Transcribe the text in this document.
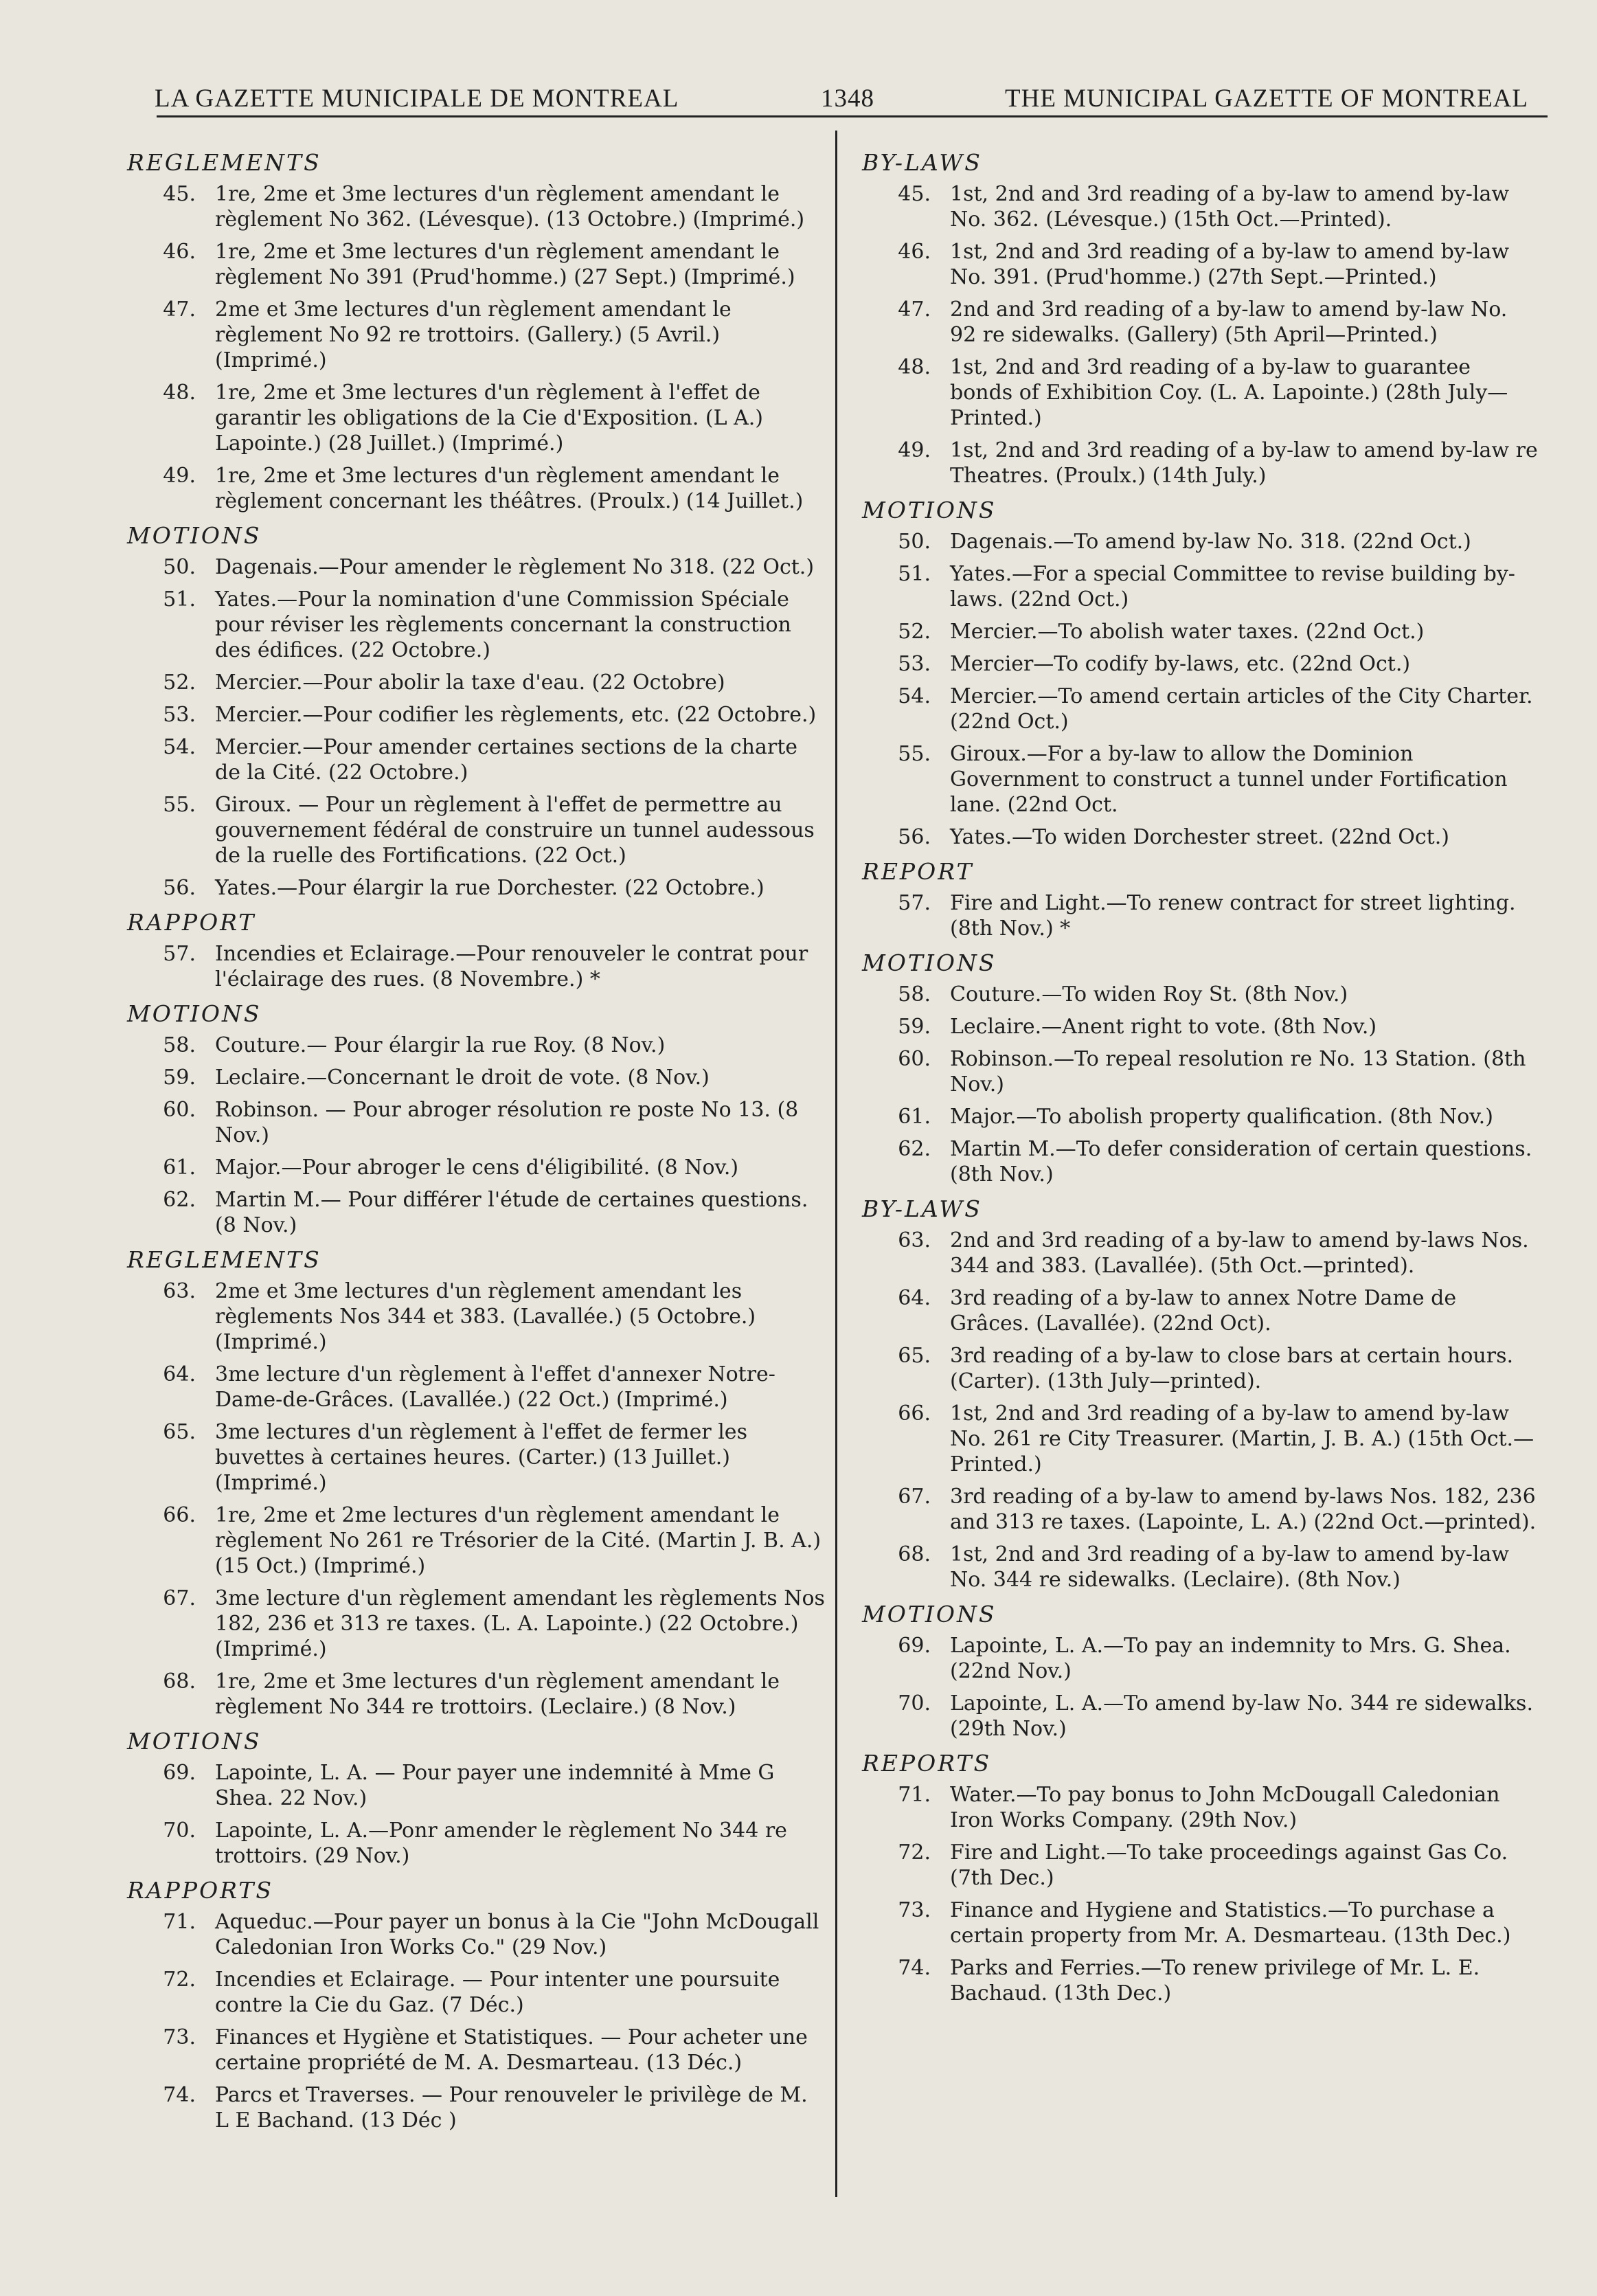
LA GAZETTE MUNICIPALE DE MONTREAL	1348	THE MUNICIPAL GAZETTE OF MONTREAL
REGLEMENTS
45. 1re, 2me et 3me lectures d'un règlement amendant le règlement No 362. (Lévesque). (13 Octobre.) (Imprimé.)
46. 1re, 2me et 3me lectures d'un règlement amendant le règlement No 391 (Prud'homme.) (27 Sept.) (Imprimé.)
47. 2me et 3me lectures d'un règlement amendant le règlement No 92 re trottoirs. (Gallery.) (5 Avril.) (Imprimé.)
48. 1re, 2me et 3me lectures d'un règlement à l'effet de garantir les obligations de la Cie d'Exposition. (L A.) Lapointe.) (28 Juillet.) (Imprimé.)
49. 1re, 2me et 3me lectures d'un règlement amendant le règlement concernant les théâtres. (Proulx.) (14 Juillet.)
MOTIONS
50. Dagenais.—Pour amender le règlement No 318. (22 Oct.)
51. Yates.—Pour la nomination d'une Commission Spéciale pour réviser les règlements concernant la construction des édifices. (22 Octobre.)
52. Mercier.—Pour abolir la taxe d'eau. (22 Octobre)
53. Mercier.—Pour codifier les règlements, etc. (22 Octobre.)
54. Mercier.—Pour amender certaines sections de la charte de la Cité. (22 Octobre.)
55. Giroux. — Pour un règlement à l'effet de permettre au gouvernement fédéral de construire un tunnel audessous de la ruelle des Fortifications. (22 Oct.)
56. Yates.—Pour élargir la rue Dorchester. (22 Octobre.)
RAPPORT
57. Incendies et Eclairage.—Pour renouveler le contrat pour l'éclairage des rues. (8 Novembre.) *
MOTIONS
58. Couture.— Pour élargir la rue Roy. (8 Nov.)
59. Leclaire.—Concernant le droit de vote. (8 Nov.)
60. Robinson. — Pour abroger résolution re poste No 13. (8 Nov.)
61. Major.—Pour abroger le cens d'éligibilité. (8 Nov.)
62. Martin M.— Pour différer l'étude de certaines questions. (8 Nov.)
REGLEMENTS
63. 2me et 3me lectures d'un règlement amendant les règlements Nos 344 et 383. (Lavallée.) (5 Octobre.) (Imprimé.)
64. 3me lecture d'un règlement à l'effet d'annexer Notre-Dame-de-Grâces. (Lavallée.) (22 Oct.) (Imprimé.)
65. 3me lectures d'un règlement à l'effet de fermer les buvettes à certaines heures. (Carter.) (13 Juillet.) (Imprimé.)
66. 1re, 2me et 2me lectures d'un règlement amendant le règlement No 261 re Trésorier de la Cité. (Martin J. B. A.) (15 Oct.) (Imprimé.)
67. 3me lecture d'un règlement amendant les règlements Nos 182, 236 et 313 re taxes. (L. A. Lapointe.) (22 Octobre.) (Imprimé.)
68. 1re, 2me et 3me lectures d'un règlement amendant le règlement No 344 re trottoirs. (Leclaire.) (8 Nov.)
MOTIONS
69. Lapointe, L. A. — Pour payer une indemnité à Mme G Shea. 22 Nov.)
70. Lapointe, L. A.—Ponr amender le règlement No 344 re trottoirs. (29 Nov.)
RAPPORTS
71. Aqueduc.—Pour payer un bonus à la Cie "John McDougall Caledonian Iron Works Co." (29 Nov.)
72. Incendies et Eclairage. — Pour intenter une poursuite contre la Cie du Gaz. (7 Déc.)
73. Finances et Hygiène et Statistiques. — Pour acheter une certaine propriété de M. A. Desmarteau. (13 Déc.)
74. Parcs et Traverses. — Pour renouveler le privilège de M. L E Bachand. (13 Déc )
BY-LAWS
45. 1st, 2nd and 3rd reading of a by-law to amend by-law No. 362. (Lévesque.) (15th Oct.—Printed).
46. 1st, 2nd and 3rd reading of a by-law to amend by-law No. 391. (Prud'homme.) (27th Sept.—Printed.)
47. 2nd and 3rd reading of a by-law to amend by-law No. 92 re sidewalks. (Gallery) (5th April—Printed.)
48. 1st, 2nd and 3rd reading of a by-law to guarantee bonds of Exhibition Coy. (L. A. Lapointe.) (28th July—Printed.)
49. 1st, 2nd and 3rd reading of a by-law to amend by-law re Theatres. (Proulx.) (14th July.)
MOTIONS
50. Dagenais.—To amend by-law No. 318. (22nd Oct.)
51. Yates.—For a special Committee to revise building by-laws. (22nd Oct.)
52. Mercier.—To abolish water taxes. (22nd Oct.)
53. Mercier—To codify by-laws, etc. (22nd Oct.)
54. Mercier.—To amend certain articles of the City Charter. (22nd Oct.)
55. Giroux.—For a by-law to allow the Dominion Government to construct a tunnel under Fortification lane. (22nd Oct.
56. Yates.—To widen Dorchester street. (22nd Oct.)
REPORT
57. Fire and Light.—To renew contract for street lighting. (8th Nov.) *
MOTIONS
58. Couture.—To widen Roy St. (8th Nov.)
59. Leclaire.—Anent right to vote. (8th Nov.)
60. Robinson.—To repeal resolution re No. 13 Station. (8th Nov.)
61. Major.—To abolish property qualification. (8th Nov.)
62. Martin M.—To defer consideration of certain questions. (8th Nov.)
BY-LAWS
63. 2nd and 3rd reading of a by-law to amend by-laws Nos. 344 and 383. (Lavallée). (5th Oct.—printed).
64. 3rd reading of a by-law to annex Notre Dame de Grâces. (Lavallée). (22nd Oct).
65. 3rd reading of a by-law to close bars at certain hours. (Carter). (13th July—printed).
66. 1st, 2nd and 3rd reading of a by-law to amend by-law No. 261 re City Treasurer. (Martin, J. B. A.) (15th Oct.—Printed.)
67. 3rd reading of a by-law to amend by-laws Nos. 182, 236 and 313 re taxes. (Lapointe, L. A.) (22nd Oct.—printed).
68. 1st, 2nd and 3rd reading of a by-law to amend by-law No. 344 re sidewalks. (Leclaire). (8th Nov.)
MOTIONS
69. Lapointe, L. A.—To pay an indemnity to Mrs. G. Shea. (22nd Nov.)
70. Lapointe, L. A.—To amend by-law No. 344 re sidewalks. (29th Nov.)
REPORTS
71. Water.—To pay bonus to John McDougall Caledonian Iron Works Company. (29th Nov.)
72. Fire and Light.—To take proceedings against Gas Co. (7th Dec.)
73. Finance and Hygiene and Statistics.—To purchase a certain property from Mr. A. Desmarteau. (13th Dec.)
74. Parks and Ferries.—To renew privilege of Mr. L. E. Bachaud. (13th Dec.)
